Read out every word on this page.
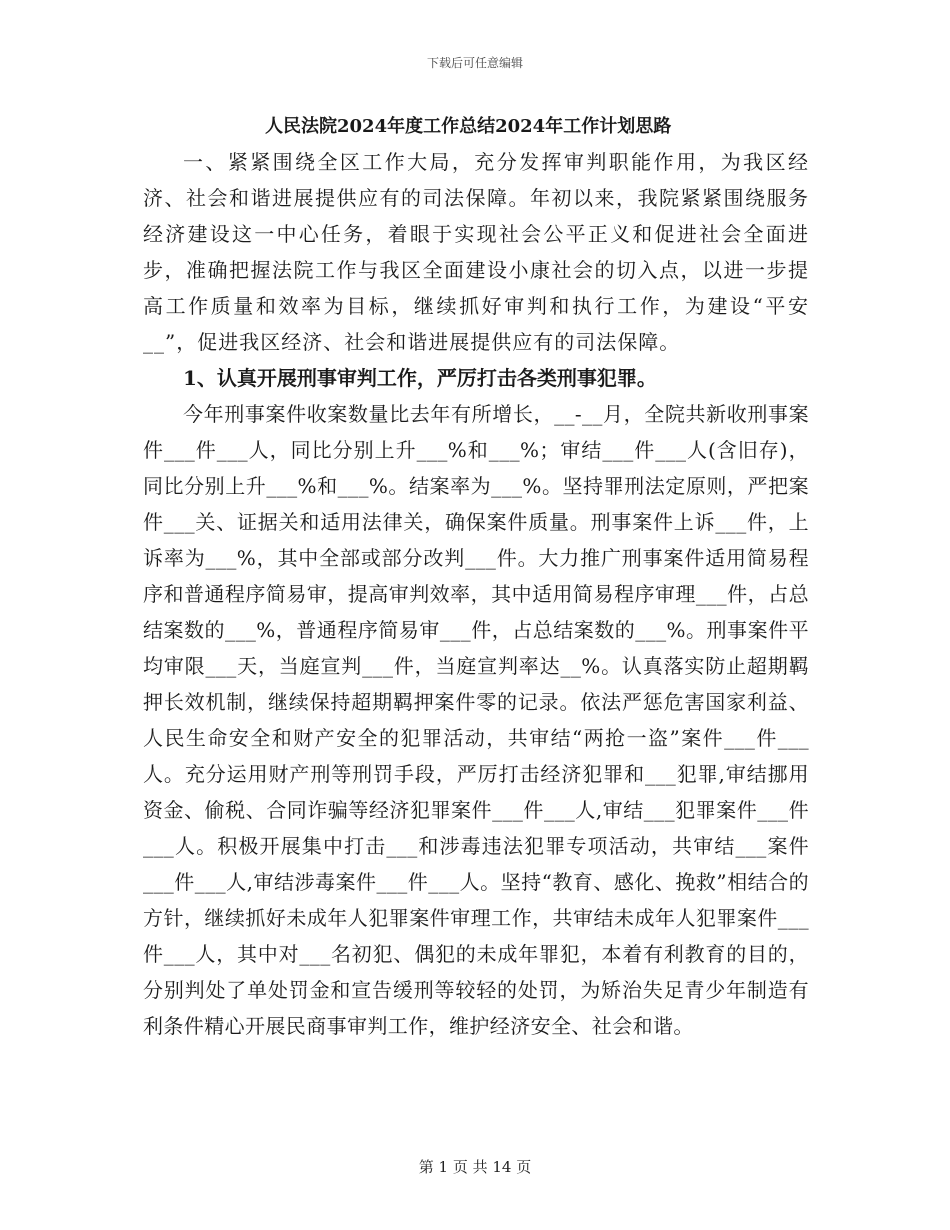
下载后可任意编辑
人民法院2024年度工作总结2024年工作计划思路

一、紧紧围绕全区工作大局，充分发挥审判职能作用，为我区经济、社会和谐进展提供应有的司法保障。年初以来，我院紧紧围绕服务经济建设这一中心任务，着眼于实现社会公平正义和促进社会全面进步，准确把握法院工作与我区全面建设小康社会的切入点，以进一步提高工作质量和效率为目标，继续抓好审判和执行工作，为建设“平安__”，促进我区经济、社会和谐进展提供应有的司法保障。

1、认真开展刑事审判工作，严厉打击各类刑事犯罪。

今年刑事案件收案数量比去年有所增长，__-__月，全院共新收刑事案件___件___人，同比分别上升___%和___%；审结___件___人(含旧存)，同比分别上升___%和___%。结案率为___%。坚持罪刑法定原则，严把案件___关、证据关和适用法律关，确保案件质量。刑事案件上诉___件，上诉率为___%，其中全部或部分改判___件。大力推广刑事案件适用简易程序和普通程序简易审，提高审判效率，其中适用简易程序审理___件，占总结案数的___%，普通程序简易审___件，占总结案数的___%。刑事案件平均审限___天，当庭宣判___件，当庭宣判率达__%。认真落实防止超期羁押长效机制，继续保持超期羁押案件零的记录。依法严惩危害国家利益、人民生命安全和财产安全的犯罪活动，共审结“两抢一盗”案件___件___人。充分运用财产刑等刑罚手段，严厉打击经济犯罪和___犯罪,审结挪用资金、偷税、合同诈骗等经济犯罪案件___件___人,审结___犯罪案件___件___人。积极开展集中打击___和涉毒违法犯罪专项活动，共审结___案件___件___人,审结涉毒案件___件___人。坚持“教育、感化、挽救”相结合的方针，继续抓好未成年人犯罪案件审理工作，共审结未成年人犯罪案件___件___人，其中对___名初犯、偶犯的未成年罪犯，本着有利教育的目的，分别判处了单处罚金和宣告缓刑等较轻的处罚，为矫治失足青少年制造有利条件精心开展民商事审判工作，维护经济安全、社会和谐。

第 1 页 共 14 页
